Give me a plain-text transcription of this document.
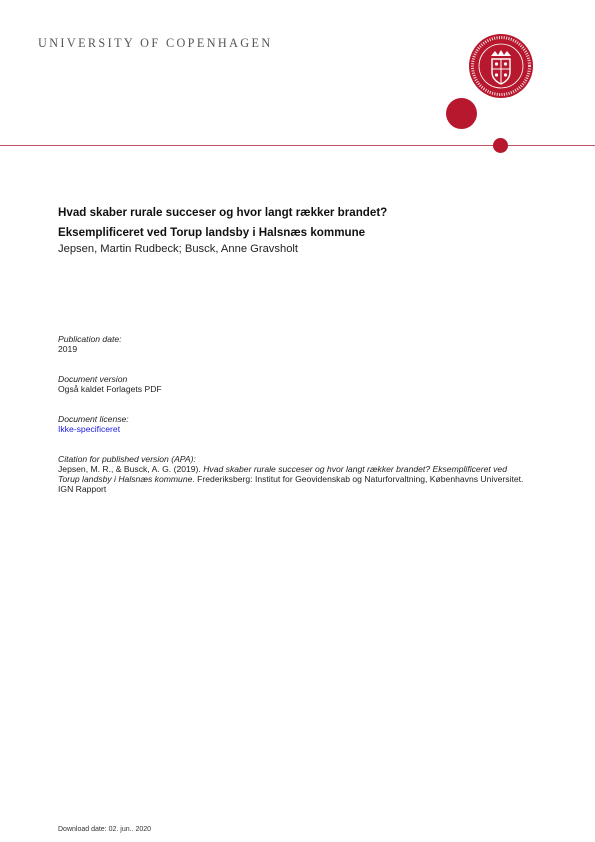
UNIVERSITY OF COPENHAGEN
Hvad skaber rurale succeser og hvor langt rækker brandet?
Eksemplificeret ved Torup landsby i Halsnæs kommune
Jepsen, Martin Rudbeck; Busck, Anne Gravsholt
Publication date:
2019
Document version
Også kaldet Forlagets PDF
Document license:
Ikke-specificeret
Citation for published version (APA):
Jepsen, M. R., & Busck, A. G. (2019). Hvad skaber rurale succeser og hvor langt rækker brandet? Eksemplificeret ved Torup landsby i Halsnæs kommune. Frederiksberg: Institut for Geovidenskab og Naturforvaltning, Københavns Universitet. IGN Rapport
Download date: 02. jun.. 2020
